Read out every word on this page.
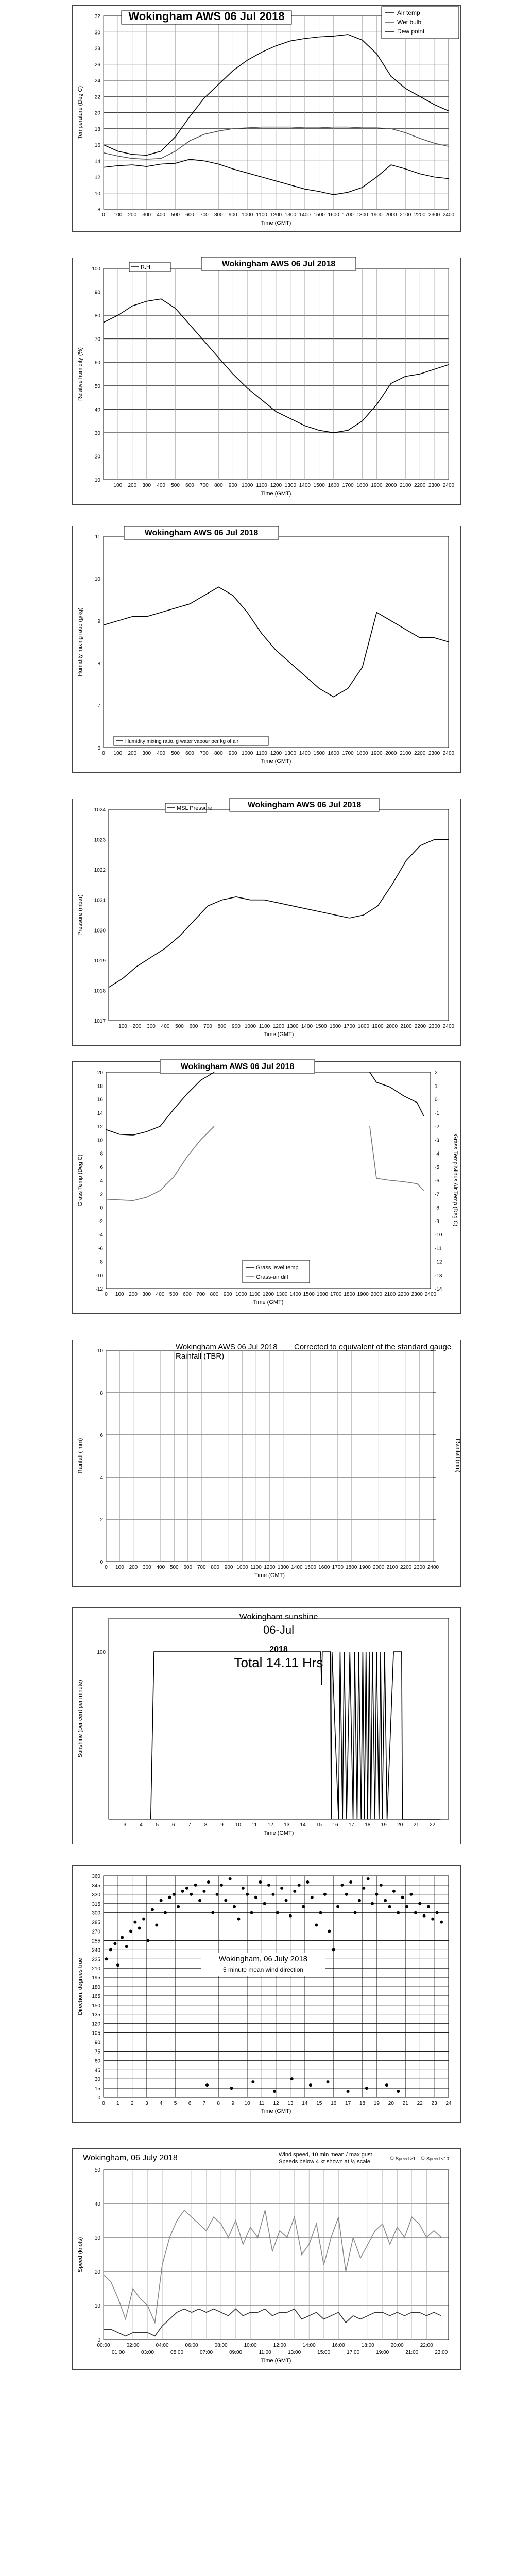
8
10
12
14
16
18
20
22
24
26
28
30
32
0 100 200 300 400 500 600 700 800 900 1000 1100 1200 1300 1400 1500 1600 1700 1800 1900 2000 2100 2200 2300 2400
Time (GMT)
Temperature (Deg C)
Wokingham AWS 06 Jul 2018	Air temp
Wet bulb
Dew point
10
20
30
40
50
60
70
80
90
100
100 200 300 400 500 600 700 800 900 1000 1100 1200 1300 1400 1500 1600 1700 1800 1900 2000 2100 2200 2300 2400
Time (GMT)
Relative humidity (%)
Wokingham AWS 06 Jul 2018
R.H.
6
7
8
9
10
11
0 100 200 300 400 500 600 700 800 900 1000 1100 1200 1300 1400 1500 1600 1700 1800 1900 2000 2100 2200 2300 2400
Time (GMT)
Humidity mixing ratio (g/kg)
Wokingham AWS 06 Jul 2018
Humidity mixing ratio, g water vapour per kg of air
1017
1018
1019
1020
1021
1022
1023
1024
100 200 300 400 500 600 700 800 900 1000 1100 1200 1300 1400 1500 1600 1700 1800 1900 2000 2100 2200 2300 2400
Time (GMT)
Pressure (mbar)
Wokingham AWS 06 Jul 2018
MSL Pressure
-12
-10
-8
-6
-4
-2
0
2
4
6
8
10
12
14
16
18
20
0 100 200 300 400 500 600 700 800 900 1000 1100 1200 1300 1400 1500 1600 1700 1800 1900 2000 2100 2200 2300 2400
-14
-13
-12
-11
-10
-9
-8
-7
-6
-5
-4
-3
-2
-1
0
1
2
Time (GMT)
Grass Temp (Deg C)	Grass Temp Minus Air Temp (Deg C)
Wokingham AWS 06 Jul 2018
Grass level temp
Grass-air diff
0
2
4
6
8
10
0 100 200 300 400 500 600 700 800 900 1000 1100 1200 1300 1400 1500 1600 1700 1800 1900 2000 2100 2200 2300 2400
Time (GMT)
Rainfall ( mm)	Rainfall (mm)
Wokingham AWS 06 Jul 2018
Rainfall (TBR)
Corrected to equivalent of the standard gauge
100
3	4	5	6	7	8	9 10 11 12 13 14 15 16 17 18 19 20 21 22
Time (GMT)
Sunshine (per cent per minute)
Wokingham sunshine
06-Jul
2018
Total 14.11 Hrs
0
15
30
45
60
75
90
105
120
135
150
165
180
195
210
225
240
255
270
285
300
315
330
345
360
0 1 2 3 4 5 6 7 8 9 10 11 12 13 14 15 16 17 18 19 20 21 22 23 24
Time (GMT)
Direction, degrees true	Wokingham, 06 July 2018
5 minute mean wind direction
0
10
20
30
40
50
00:00	02:00	04:00	06:00	08:00	10:00	12:00	14:00	16:00	18:00	20:00	22:00
01:00	03:00	05:00	07:00	09:00	11:00	13:00	15:00	17:00	19:00	21:00	23:00
Time (GMT)
Speed (knots)
Wokingham, 06 July 2018	Wind speed, 10 min mean / max gust
Speeds below 4 kt shown at ½ scale	Speed >1 Speed <10
